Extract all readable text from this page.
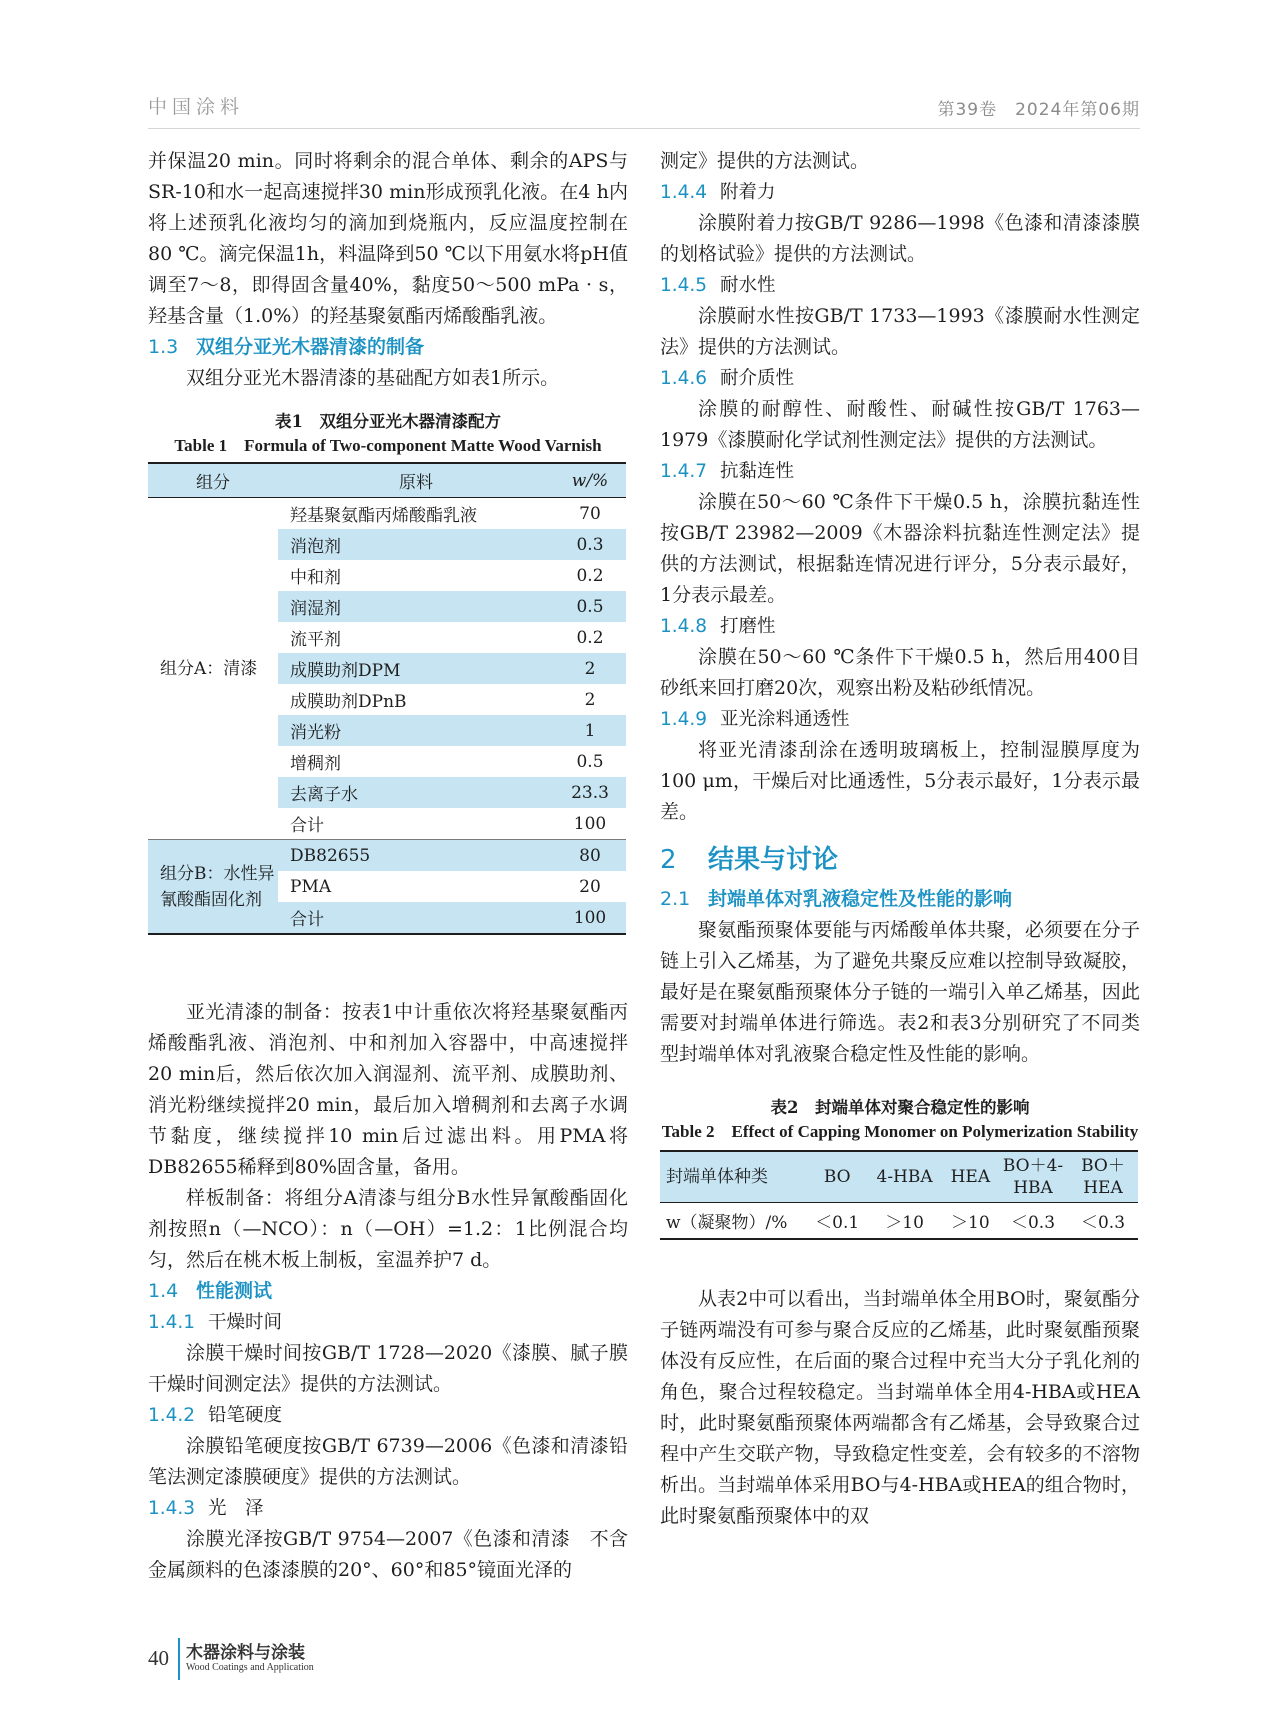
中国涂料	第39卷　2024年第06期

并保温20 min。同时将剩余的混合单体、剩余的APS与SR-10和水一起高速搅拌30 min形成预乳化液。在4 h内将上述预乳化液均匀的滴加到烧瓶内，反应温度控制在80 ℃。滴完保温1h，料温降到50 ℃以下用氨水将pH值调至7～8，即得固含量40%，黏度50～500 mPa · s，羟基含量（1.0%）的羟基聚氨酯丙烯酸酯乳液。

1.3 双组分亚光木器清漆的制备

双组分亚光木器清漆的基础配方如表1所示。

表1　双组分亚光木器清漆配方
Table 1　Formula of Two-component Matte Wood Varnish
组分	原料	w/%
组分A：清漆	羟基聚氨酯丙烯酸酯乳液	70
	消泡剂	0.3
	中和剂	0.2
	润湿剂	0.5
	流平剂	0.2
	成膜助剂DPM	2
	成膜助剂DPnB	2
	消光粉	1
	增稠剂	0.5
	去离子水	23.3
	合计	100
组分B：水性异氰酸酯固化剂	DB82655	80
	PMA	20
	合计	100

亚光清漆的制备：按表1中计重依次将羟基聚氨酯丙烯酸酯乳液、消泡剂、中和剂加入容器中，中高速搅拌20 min后，然后依次加入润湿剂、流平剂、成膜助剂、消光粉继续搅拌20 min，最后加入增稠剂和去离子水调节黏度，继续搅拌10 min后过滤出料。用PMA将DB82655稀释到80%固含量，备用。

样板制备：将组分A清漆与组分B水性异氰酸酯固化剂按照n（—NCO）：n（—OH）=1.2：1比例混合均匀，然后在桃木板上制板，室温养护7 d。

1.4 性能测试
1.4.1 干燥时间

涂膜干燥时间按GB/T 1728—2020《漆膜、腻子膜干燥时间测定法》提供的方法测试。

1.4.2 铅笔硬度

涂膜铅笔硬度按GB/T 6739—2006《色漆和清漆铅笔法测定漆膜硬度》提供的方法测试。

1.4.3 光　泽

涂膜光泽按GB/T 9754—2007《色漆和清漆　不含金属颜料的色漆漆膜的20°、60°和85°镜面光泽的

测定》提供的方法测试。

1.4.4 附着力

涂膜附着力按GB/T 9286—1998《色漆和清漆漆膜的划格试验》提供的方法测试。

1.4.5 耐水性

涂膜耐水性按GB/T 1733—1993《漆膜耐水性测定法》提供的方法测试。

1.4.6 耐介质性

涂膜的耐醇性、耐酸性、耐碱性按GB/T 1763—1979《漆膜耐化学试剂性测定法》提供的方法测试。

1.4.7 抗黏连性

涂膜在50～60 ℃条件下干燥0.5 h，涂膜抗黏连性按GB/T 23982—2009《木器涂料抗黏连性测定法》提供的方法测试，根据黏连情况进行评分，5分表示最好，1分表示最差。

1.4.8 打磨性

涂膜在50～60 ℃条件下干燥0.5 h，然后用400目砂纸来回打磨20次，观察出粉及粘砂纸情况。

1.4.9 亚光涂料通透性

将亚光清漆刮涂在透明玻璃板上，控制湿膜厚度为100 μm，干燥后对比通透性，5分表示最好，1分表示最差。

2 结果与讨论
2.1 封端单体对乳液稳定性及性能的影响

聚氨酯预聚体要能与丙烯酸单体共聚，必须要在分子链上引入乙烯基，为了避免共聚反应难以控制导致凝胶，最好是在聚氨酯预聚体分子链的一端引入单乙烯基，因此需要对封端单体进行筛选。表2和表3分别研究了不同类型封端单体对乳液聚合稳定性及性能的影响。

表2　封端单体对聚合稳定性的影响
Table 2　Effect of Capping Monomer on Polymerization Stability
封端单体种类	BO	4-HBA	HEA	BO＋4-HBA	BO＋HEA
w（凝聚物）/%	＜0.1	＞10	＞10	＜0.3	＜0.3

从表2中可以看出，当封端单体全用BO时，聚氨酯分子链两端没有可参与聚合反应的乙烯基，此时聚氨酯预聚体没有反应性，在后面的聚合过程中充当大分子乳化剂的角色，聚合过程较稳定。当封端单体全用4-HBA或HEA时，此时聚氨酯预聚体两端都含有乙烯基，会导致聚合过程中产生交联产物，导致稳定性变差，会有较多的不溶物析出。当封端单体采用BO与4-HBA或HEA的组合物时，此时聚氨酯预聚体中的双

40 木器涂料与涂装
Wood Coatings and Application
